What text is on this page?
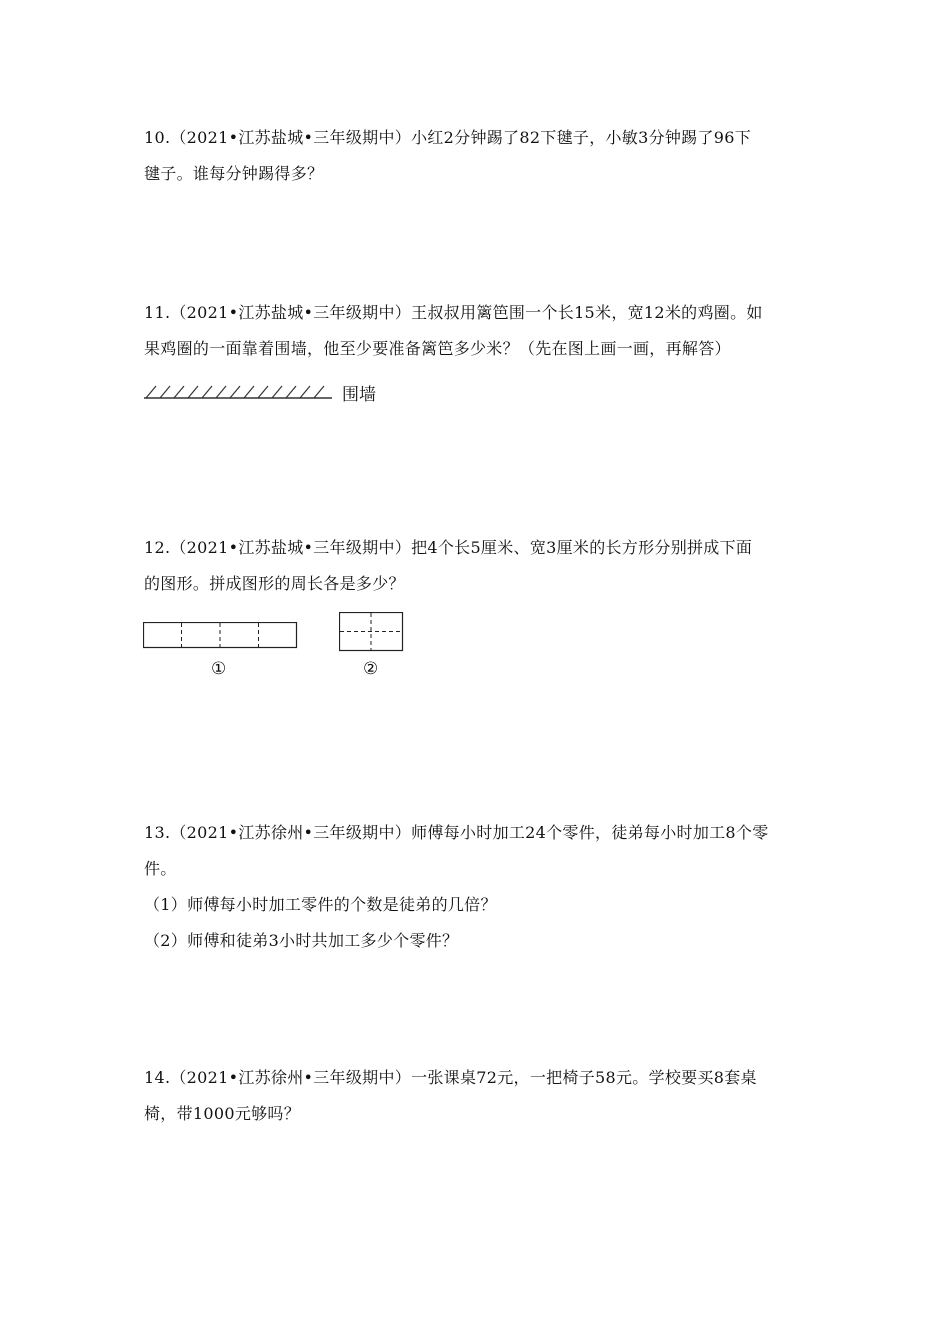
10.（2021•江苏盐城•三年级期中）小红2分钟踢了82下毽子，小敏3分钟踢了96下

毽子。谁每分钟踢得多？

11.（2021•江苏盐城•三年级期中）王叔叔用篱笆围一个长15米，宽12米的鸡圈。如

果鸡圈的一面靠着围墙，他至少要准备篱笆多少米？（先在图上画一画，再解答）

围墙

12.（2021•江苏盐城•三年级期中）把4个长5厘米、宽3厘米的长方形分别拼成下面

的图形。拼成图形的周长各是多少？

①	②

13.（2021•江苏徐州•三年级期中）师傅每小时加工24个零件，徒弟每小时加工8个零

件。

（1）师傅每小时加工零件的个数是徒弟的几倍？

（2）师傅和徒弟3小时共加工多少个零件？

14.（2021•江苏徐州•三年级期中）一张课桌72元，一把椅子58元。学校要买8套桌

椅，带1000元够吗？
